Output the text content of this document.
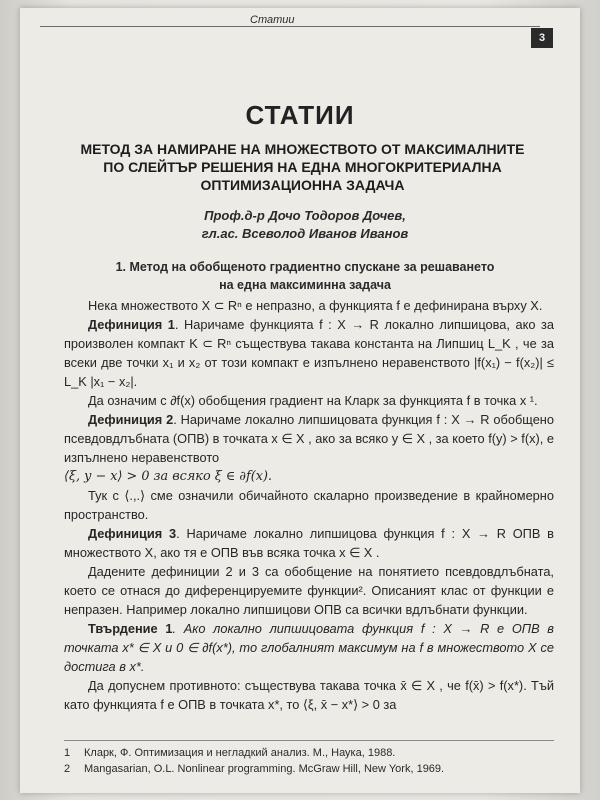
Статии
3
СТАТИИ
МЕТОД ЗА НАМИРАНЕ НА МНОЖЕСТВОТО ОТ МАКСИМАЛНИТЕ
ПО СЛЕЙТЪР РЕШЕНИЯ НА ЕДНА МНОГОКРИТЕРИАЛНА
ОПТИМИЗАЦИОННА ЗАДАЧА
Проф.д-р Дочо Тодоров Дочев,
гл.ас. Всеволод Иванов Иванов
1. Метод на обобщеното градиентно спускане за решаването
на една максиминна задача

Нека множеството X ⊂ Rⁿ е непразно, а функцията f е дефинирана върху X.

Дефиниция 1. Наричаме функцията f : X → R локално липшицова, ако за произволен компакт K ⊂ Rⁿ съществува такава константа на Липшиц L_K , че за всеки две точки x₁ и x₂ от този компакт е изпълнено неравенството |f(x₁) − f(x₂)| ≤ L_K |x₁ − x₂|.

Да означим с ∂f(x) обобщения градиент на Кларк за функцията f в точка x ¹.

Дефиниция 2. Наричаме локално липшицовата функция f : X → R обобщено псевдовдлъбната (ОПВ) в точката x ∈ X , ако за всяко y ∈ X , за което f(y) > f(x), е изпълнено неравенството

⟨ξ, y − x⟩ > 0 за всяко ξ ∈ ∂f(x).

Тук с ⟨.,.⟩ сме означили обичайното скаларно произведение в крайномерно пространство.

Дефиниция 3. Наричаме локално липшицова функция f : X → R ОПВ в множеството X, ако тя е ОПВ във всяка точка x ∈ X .

Дадените дефиниции 2 и 3 са обобщение на понятието псевдовдлъбната, което се отнася до диференцируемите функции². Описаният клас от функции е непразен. Например локално липшицови ОПВ са всички вдлъбнати функции.

Твърдение 1. Ако локално липшицовата функция f : X → R е ОПВ в точката x* ∈ X и 0 ∈ ∂f(x*), то глобалният максимум на f в множеството X се достига в x*.

Да допуснем противното: съществува такава точка x̄ ∈ X , че f(x̄) > f(x*). Тъй като функцията f е ОПВ в точката x*, то ⟨ξ, x̄ − x*⟩ > 0 за

1 Кларк, Ф. Оптимизация и негладкий анализ. М., Наука, 1988.
2 Mangasarian, O.L. Nonlinear programming. McGraw Hill, New York, 1969.
